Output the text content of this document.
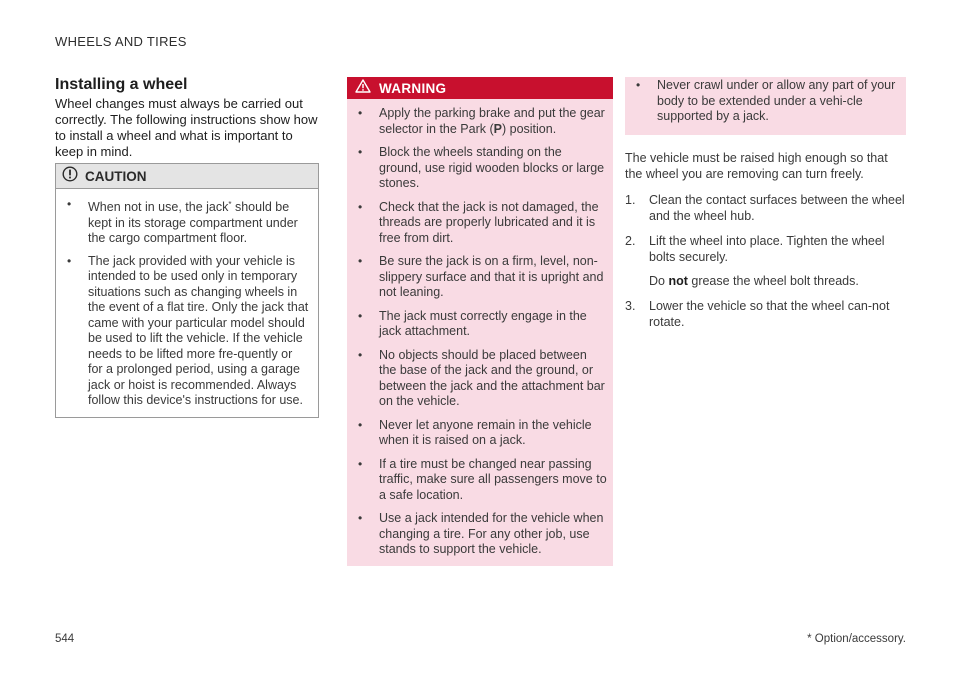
WHEELS AND TIRES
Installing a wheel

Wheel changes must always be carried out correctly. The following instructions show how to install a wheel and what is important to keep in mind.

CAUTION
• When not in use, the jack* should be kept in its storage compartment under the cargo compartment floor.
• The jack provided with your vehicle is intended to be used only in temporary situations such as changing wheels in the event of a flat tire. Only the jack that came with your particular model should be used to lift the vehicle. If the vehicle needs to be lifted more fre-quently or for a prolonged period, using a garage jack or hoist is recommended. Always follow this device's instructions for use.
WARNING
• Apply the parking brake and put the gear selector in the Park (P) position.
• Block the wheels standing on the ground, use rigid wooden blocks or large stones.
• Check that the jack is not damaged, the threads are properly lubricated and it is free from dirt.
• Be sure the jack is on a firm, level, non-slippery surface and that it is upright and not leaning.
• The jack must correctly engage in the jack attachment.
• No objects should be placed between the base of the jack and the ground, or between the jack and the attachment bar on the vehicle.
• Never let anyone remain in the vehicle when it is raised on a jack.
• If a tire must be changed near passing traffic, make sure all passengers move to a safe location.
• Use a jack intended for the vehicle when changing a tire. For any other job, use stands to support the vehicle.
• Never crawl under or allow any part of your body to be extended under a vehi-cle supported by a jack.

The vehicle must be raised high enough so that the wheel you are removing can turn freely.

1. Clean the contact surfaces between the wheel and the wheel hub.
2. Lift the wheel into place. Tighten the wheel bolts securely.
Do not grease the wheel bolt threads.
3. Lower the vehicle so that the wheel can-not rotate.
544	* Option/accessory.
